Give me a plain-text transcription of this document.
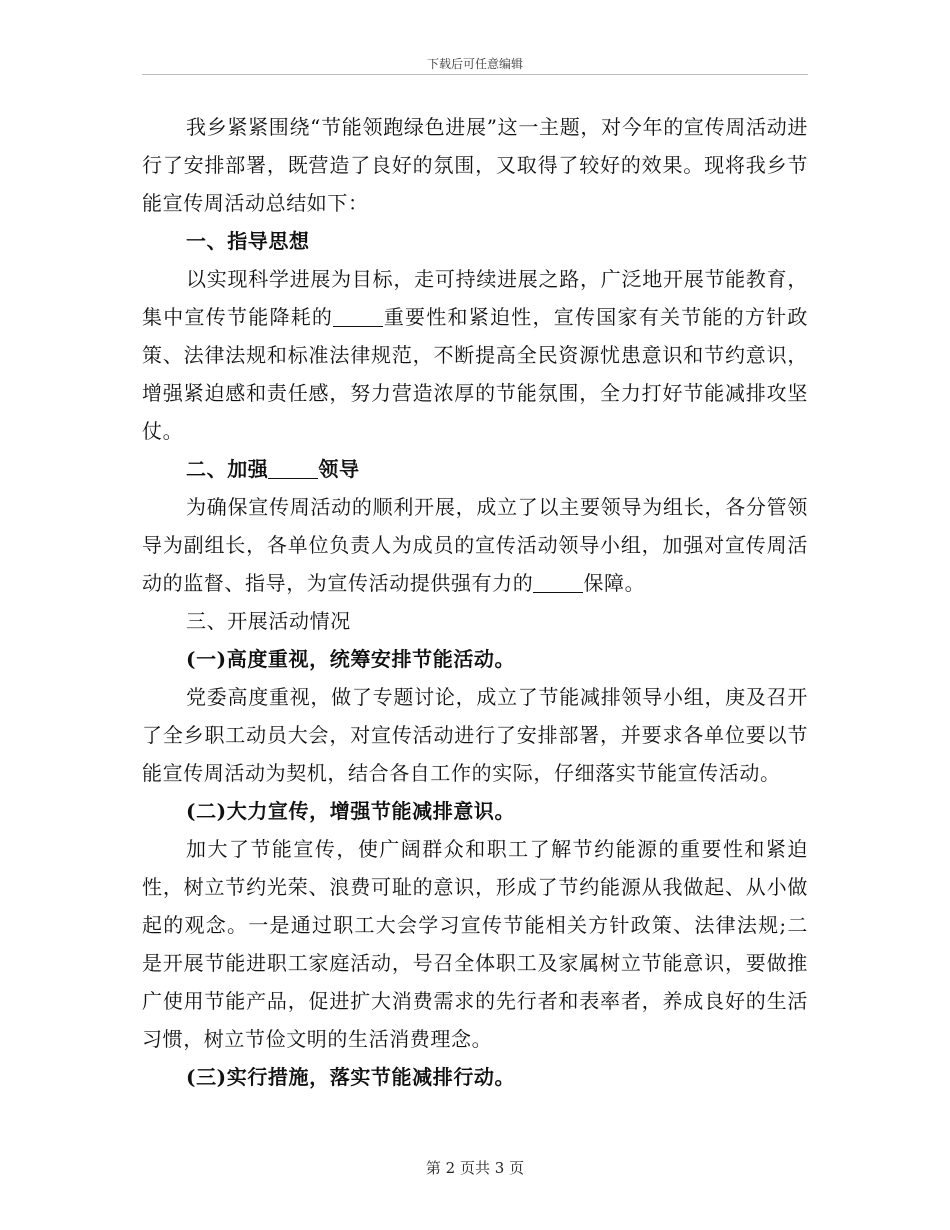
下载后可任意编辑

我乡紧紧围绕“节能领跑绿色进展”这一主题，对今年的宣传周活动进行了安排部署，既营造了良好的氛围，又取得了较好的效果。现将我乡节能宣传周活动总结如下：

一、指导思想

以实现科学进展为目标，走可持续进展之路，广泛地开展节能教育，集中宣传节能降耗的	重要性和紧迫性，宣传国家有关节能的方针政策、法律法规和标准法律规范，不断提高全民资源忧患意识和节约意识，增强紧迫感和责任感，努力营造浓厚的节能氛围，全力打好节能减排攻坚仗。

二、加强	领导

为确保宣传周活动的顺利开展，成立了以主要领导为组长，各分管领导为副组长，各单位负责人为成员的宣传活动领导小组，加强对宣传周活动的监督、指导，为宣传活动提供强有力的	保障。

三、开展活动情况

(一)高度重视，统筹安排节能活动。

党委高度重视，做了专题讨论，成立了节能减排领导小组，庚及召开了全乡职工动员大会，对宣传活动进行了安排部署，并要求各单位要以节能宣传周活动为契机，结合各自工作的实际，仔细落实节能宣传活动。

(二)大力宣传，增强节能减排意识。

加大了节能宣传，使广阔群众和职工了解节约能源的重要性和紧迫性，树立节约光荣、浪费可耻的意识，形成了节约能源从我做起、从小做起的观念。一是通过职工大会学习宣传节能相关方针政策、法律法规;二是开展节能进职工家庭活动，号召全体职工及家属树立节能意识，要做推广使用节能产品，促进扩大消费需求的先行者和表率者，养成良好的生活习惯，树立节俭文明的生活消费理念。

(三)实行措施，落实节能减排行动。

第 2 页共 3 页
